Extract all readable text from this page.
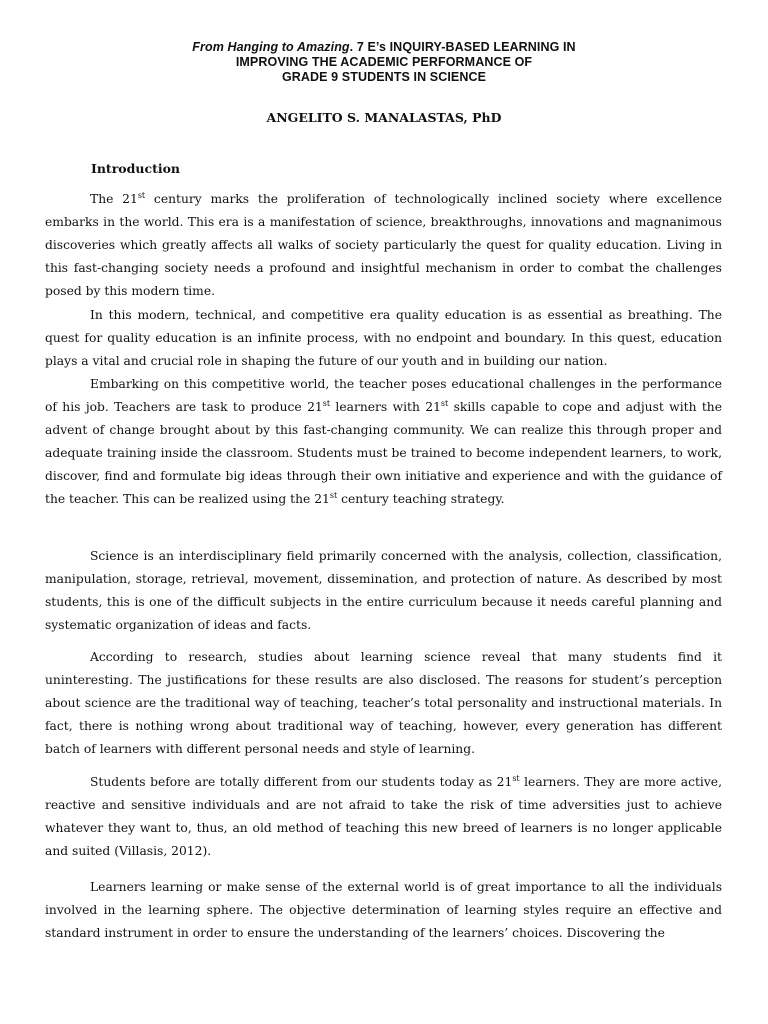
From Hanging to Amazing. 7 E’s INQUIRY-BASED LEARNING IN
IMPROVING THE ACADEMIC PERFORMANCE OF
GRADE 9 STUDENTS IN SCIENCE
ANGELITO S. MANALASTAS, PhD
Introduction
The 21st century marks the proliferation of technologically inclined society where excellence embarks in the world. This era is a manifestation of science, breakthroughs, innovations and magnanimous discoveries which greatly affects all walks of society particularly the quest for quality education. Living in this fast-changing society needs a profound and insightful mechanism in order to combat the challenges posed by this modern time.
In this modern, technical, and competitive era quality education is as essential as breathing. The quest for quality education is an infinite process, with no endpoint and boundary. In this quest, education plays a vital and crucial role in shaping the future of our youth and in building our nation.
Embarking on this competitive world, the teacher poses educational challenges in the performance of his job. Teachers are task to produce 21st learners with 21st skills capable to cope and adjust with the advent of change brought about by this fast-changing community. We can realize this through proper and adequate training inside the classroom. Students must be trained to become independent learners, to work, discover, find and formulate big ideas through their own initiative and experience and with the guidance of the teacher. This can be realized using the 21st century teaching strategy.
Science is an interdisciplinary field primarily concerned with the analysis, collection, classification, manipulation, storage, retrieval, movement, dissemination, and protection of nature. As described by most students, this is one of the difficult subjects in the entire curriculum because it needs careful planning and systematic organization of ideas and facts.
According to research, studies about learning science reveal that many students find it uninteresting. The justifications for these results are also disclosed. The reasons for student’s perception about science are the traditional way of teaching, teacher’s total personality and instructional materials. In fact, there is nothing wrong about traditional way of teaching, however, every generation has different batch of learners with different personal needs and style of learning.
Students before are totally different from our students today as 21st learners. They are more active, reactive and sensitive individuals and are not afraid to take the risk of time adversities just to achieve whatever they want to, thus, an old method of teaching this new breed of learners is no longer applicable and suited (Villasis, 2012).
Learners learning or make sense of the external world is of great importance to all the individuals involved in the learning sphere. The objective determination of learning styles require an effective and standard instrument in order to ensure the understanding of the learners’ choices. Discovering the
